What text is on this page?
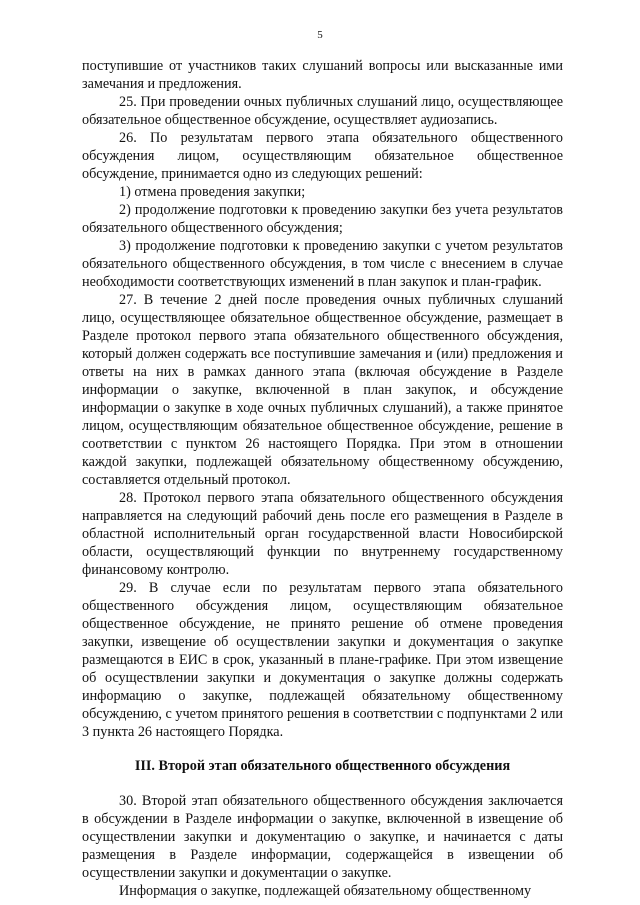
5

поступившие от участников таких слушаний вопросы или высказанные ими замечания и предложения.

25. При проведении очных публичных слушаний лицо, осуществляющее обязательное общественное обсуждение, осуществляет аудиозапись.

26. По результатам первого этапа обязательного общественного обсуждения лицом, осуществляющим обязательное общественное обсуждение, принимается одно из следующих решений:

1) отмена проведения закупки;

2) продолжение подготовки к проведению закупки без учета результатов обязательного общественного обсуждения;

3) продолжение подготовки к проведению закупки с учетом результатов обязательного общественного обсуждения, в том числе с внесением в случае необходимости соответствующих изменений в план закупок и план-график.

27. В течение 2 дней после проведения очных публичных слушаний лицо, осуществляющее обязательное общественное обсуждение, размещает в Разделе протокол первого этапа обязательного общественного обсуждения, который должен содержать все поступившие замечания и (или) предложения и ответы на них в рамках данного этапа (включая обсуждение в Разделе информации о закупке, включенной в план закупок, и обсуждение информации о закупке в ходе очных публичных слушаний), а также принятое лицом, осуществляющим обязательное общественное обсуждение, решение в соответствии с пунктом 26 настоящего Порядка. При этом в отношении каждой закупки, подлежащей обязательному общественному обсуждению, составляется отдельный протокол.

28. Протокол первого этапа обязательного общественного обсуждения направляется на следующий рабочий день после его размещения в Разделе в областной исполнительный орган государственной власти Новосибирской области, осуществляющий функции по внутреннему государственному финансовому контролю.

29. В случае если по результатам первого этапа обязательного общественного обсуждения лицом, осуществляющим обязательное общественное обсуждение, не принято решение об отмене проведения закупки, извещение об осуществлении закупки и документация о закупке размещаются в ЕИС в срок, указанный в плане-графике. При этом извещение об осуществлении закупки и документация о закупке должны содержать информацию о закупке, подлежащей обязательному общественному обсуждению, с учетом принятого решения в соответствии с подпунктами 2 или 3 пункта 26 настоящего Порядка.

III. Второй этап обязательного общественного обсуждения

30. Второй этап обязательного общественного обсуждения заключается в обсуждении в Разделе информации о закупке, включенной в извещение об осуществлении закупки и документацию о закупке, и начинается с даты размещения в Разделе информации, содержащейся в извещении об осуществлении закупки и документации о закупке.

Информация о закупке, подлежащей обязательному общественному
